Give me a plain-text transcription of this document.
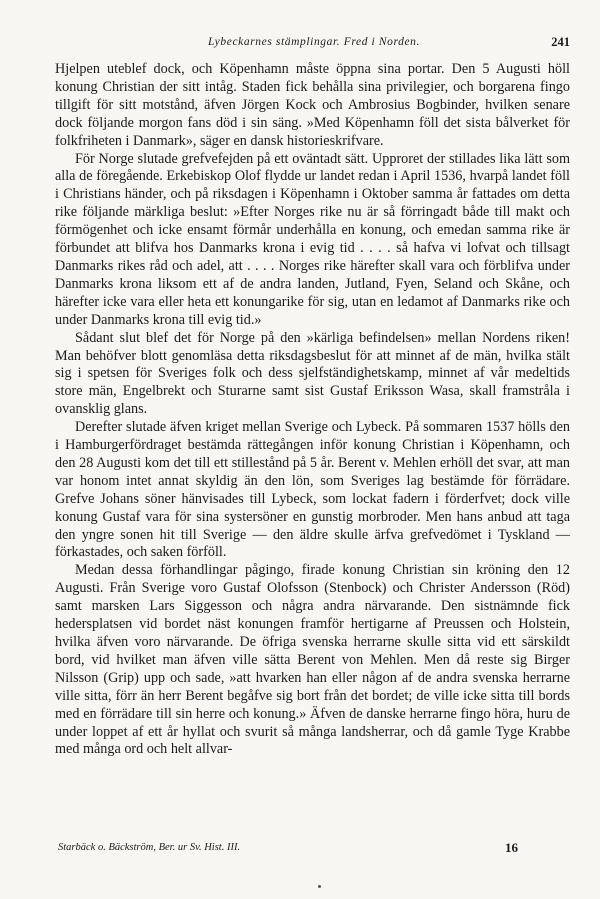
Lybeckarnes stämplingar. Fred i Norden.	241

Hjelpen uteblef dock, och Köpenhamn måste öppna sina portar. Den 5 Augusti höll konung Christian der sitt intåg. Staden fick behålla sina privilegier, och borgarena fingo tillgift för sitt motstånd, äfven Jörgen Kock och Ambrosius Bogbinder, hvilken senare dock följande morgon fans död i sin säng. »Med Köpenhamn föll det sista bålverket för folkfriheten i Danmark», säger en dansk historieskrifvare.

För Norge slutade grefvefejden på ett oväntadt sätt. Upproret der stillades lika lätt som alla de föregående. Erkebiskop Olof flydde ur landet redan i April 1536, hvarpå landet föll i Christians händer, och på riksdagen i Köpenhamn i Oktober samma år fattades om detta rike följande märkliga beslut: »Efter Norges rike nu är så förringadt både till makt och förmögenhet och icke ensamt förmår underhålla en konung, och emedan samma rike är förbundet att blifva hos Danmarks krona i evig tid . . . . så hafva vi lofvat och tillsagt Danmarks rikes råd och adel, att . . . . Norges rike härefter skall vara och förblifva under Danmarks krona liksom ett af de andra landen, Jutland, Fyen, Seland och Skåne, och härefter icke vara eller heta ett konungarike för sig, utan en ledamot af Danmarks rike och under Danmarks krona till evig tid.»

Sådant slut blef det för Norge på den »kärliga befindelsen» mellan Nordens riken! Man behöfver blott genomläsa detta riksdagsbeslut för att minnet af de män, hvilka stält sig i spetsen för Sveriges folk och dess sjelfständighetskamp, minnet af vår medeltids store män, Engelbrekt och Sturarne samt sist Gustaf Eriksson Wasa, skall framstråla i ovansklig glans.

Derefter slutade äfven kriget mellan Sverige och Lybeck. På sommaren 1537 hölls den i Hamburgerfördraget bestämda rättegången inför konung Christian i Köpenhamn, och den 28 Augusti kom det till ett stillestånd på 5 år. Berent v. Mehlen erhöll det svar, att man var honom intet annat skyldig än den lön, som Sveriges lag bestämde för förrädare. Grefve Johans söner hänvisades till Lybeck, som lockat fadern i förderfvet; dock ville konung Gustaf vara för sina systersöner en gunstig morbroder. Men hans anbud att taga den yngre sonen hit till Sverige — den äldre skulle ärfva grefvedömet i Tyskland — förkastades, och saken förföll.

Medan dessa förhandlingar pågingo, firade konung Christian sin kröning den 12 Augusti. Från Sverige voro Gustaf Olofsson (Stenbock) och Christer Andersson (Röd) samt marsken Lars Siggesson och några andra närvarande. Den sistnämnde fick hedersplatsen vid bordet näst konungen framför hertigarne af Preussen och Holstein, hvilka äfven voro närvarande. De öfriga svenska herrarne skulle sitta vid ett särskildt bord, vid hvilket man äfven ville sätta Berent von Mehlen. Men då reste sig Birger Nilsson (Grip) upp och sade, »att hvarken han eller någon af de andra svenska herrarne ville sitta, förr än herr Berent begåfve sig bort från det bordet; de ville icke sitta till bords med en förrädare till sin herre och konung.» Äfven de danske herrarne fingo höra, huru de under loppet af ett år hyllat och svurit så många landsherrar, och då gamle Tyge Krabbe med många ord och helt allvar-

Starbäck o. Bäckström, Ber. ur Sv. Hist. III.	16
